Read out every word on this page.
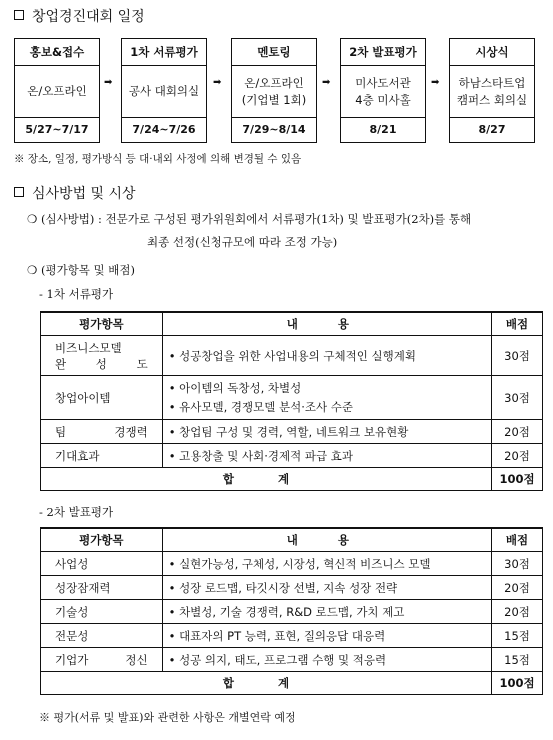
창업경진대회 일정
홍보&접수
온/오프라인
5/27~7/17
➡
1차 서류평가
공사 대회의실
7/24~7/26
➡
멘토링
온/오프라인
(기업별 1회)
7/29~8/14
➡
2차 발표평가
미사도서관
4층 미사홀
8/21
➡
시상식
하남스타트업
캠퍼스 회의실
8/27
※ 장소, 일정, 평가방식 등 대·내외 사정에 의해 변경될 수 있음
심사방법 및 시상
❍ (심사방법) : 전문가로 구성된 평가위원회에서 서류평가(1차) 및 발표평가(2차)를 통해
최종 선정(신청규모에 따라 조정 가능)
❍ (평가항목 및 배점)
- 1차 서류평가
평가항목	내 용	배점

비즈니스모델
완 성 도	• 성공창업을 위한 사업내용의 구체적인 실행계획	30점
창업아이템	• 아이템의 독창성, 차별성
• 유사모델, 경쟁모델 분석·조사 수준	30점
팀 경쟁력	• 창업팀 구성 및 경력, 역할, 네트워크 보유현황	20점
기대효과	• 고용창출 및 사회·경제적 파급 효과	20점
합 계		100점
- 2차 발표평가
평가항목	내 용	배점
사업성	• 실현가능성, 구체성, 시장성, 혁신적 비즈니스 모델	30점
성장잠재력	• 성장 로드맵, 타깃시장 선별, 지속 성장 전략	20점
기술성	• 차별성, 기술 경쟁력, R&D 로드맵, 가치 제고	20점
전문성	• 대표자의 PT 능력, 표현, 질의응답 대응력	15점
기업가 정신	• 성공 의지, 태도, 프로그램 수행 및 적응력	15점
합 계		100점
※ 평가(서류 및 발표)와 관련한 사항은 개별연락 예정
